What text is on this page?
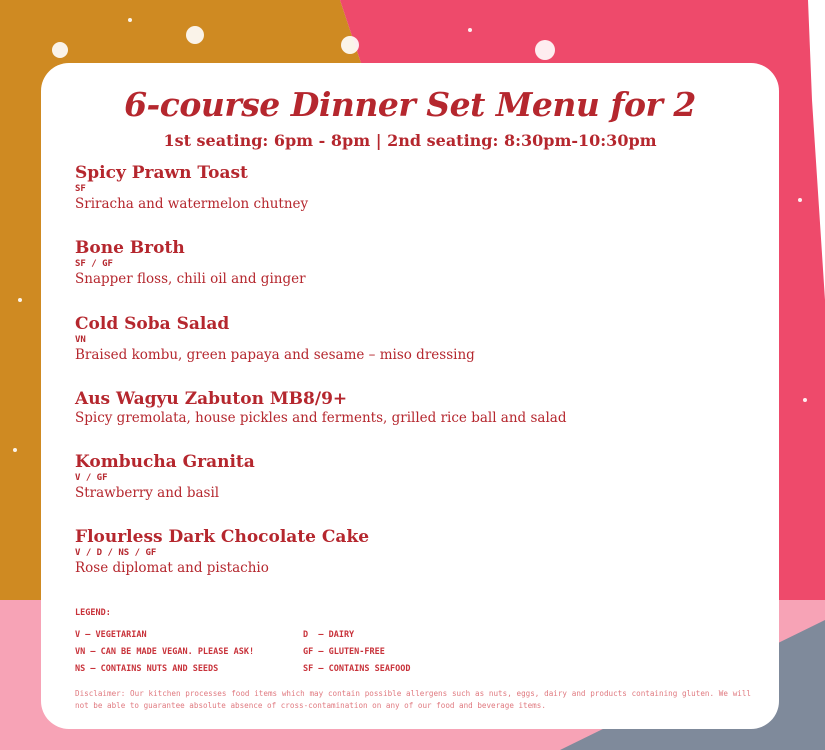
6-course Dinner Set Menu for 2
1st seating: 6pm - 8pm | 2nd seating: 8:30pm-10:30pm
Spicy Prawn Toast
SF
Sriracha and watermelon chutney
Bone Broth
SF / GF
Snapper floss, chili oil and ginger
Cold Soba Salad
VN
Braised kombu, green papaya and sesame – miso dressing
Aus Wagyu Zabuton MB8/9+
Spicy gremolata, house pickles and ferments, grilled rice ball and salad
Kombucha Granita
V / GF
Strawberry and basil
Flourless Dark Chocolate Cake
V / D / NS / GF
Rose diplomat and pistachio
LEGEND:
V – VEGETARIAN
VN – CAN BE MADE VEGAN. PLEASE ASK!
NS – CONTAINS NUTS AND SEEDS
D  – DAIRY
GF – GLUTEN-FREE
SF – CONTAINS SEAFOOD
Disclaimer: Our kitchen processes food items which may contain possible allergens such as nuts, eggs, dairy and products containing gluten. We will not be able to guarantee absolute absence of cross-contamination on any of our food and beverage items.
